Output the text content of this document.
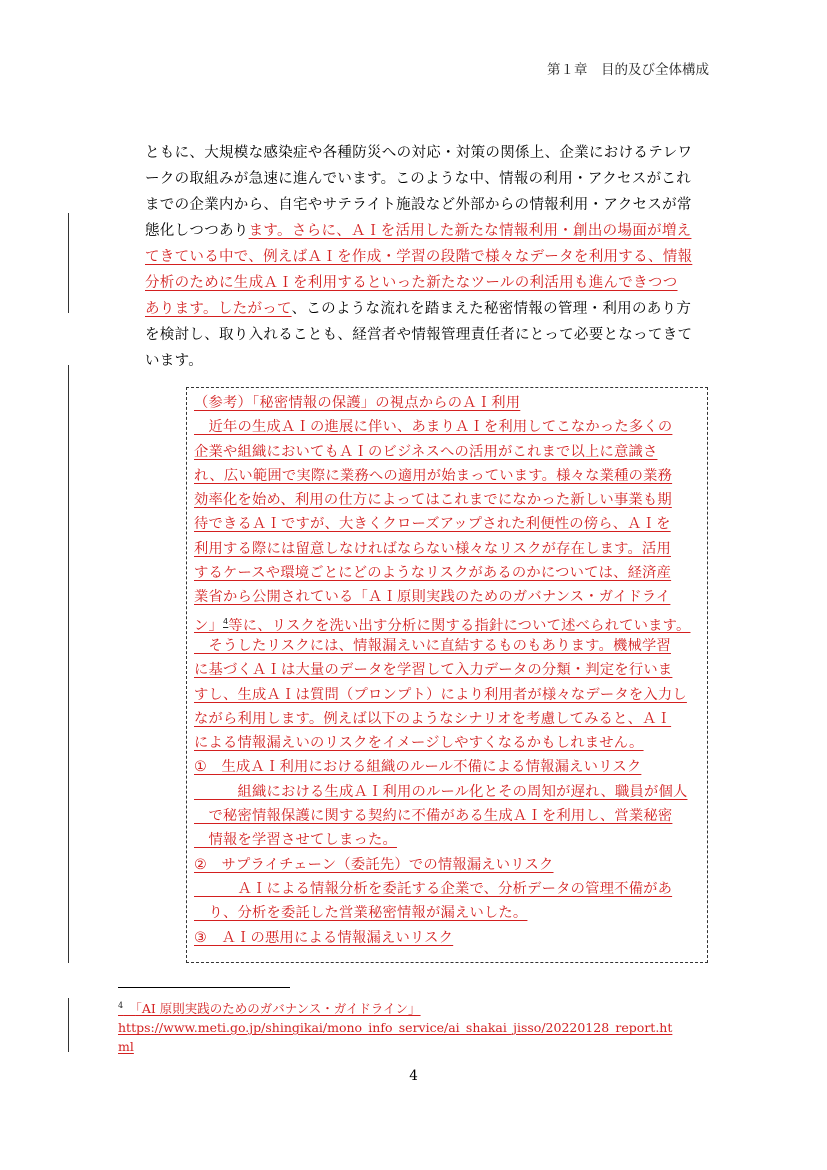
第１章　目的及び全体構成
ともに、大規模な感染症や各種防災への対応・対策の関係上、企業におけるテレワ
ークの取組みが急速に進んでいます。このような中、情報の利用・アクセスがこれ
までの企業内から、自宅やサテライト施設など外部からの情報利用・アクセスが常
態化しつつあります。さらに、ＡＩを活用した新たな情報利用・創出の場面が増え
てきている中で、例えばＡＩを作成・学習の段階で様々なデータを利用する、情報
分析のために生成ＡＩを利用するといった新たなツールの利活用も進んできつつ
あります。したがって、このような流れを踏まえた秘密情報の管理・利用のあり方
を検討し、取り入れることも、経営者や情報管理責任者にとって必要となってきて
います。
（参考）「秘密情報の保護」の視点からのＡＩ利用
　近年の生成ＡＩの進展に伴い、あまりＡＩを利用してこなかった多くの
企業や組織においてもＡＩのビジネスへの活用がこれまで以上に意識さ
れ、広い範囲で実際に業務への適用が始まっています。様々な業種の業務
効率化を始め、利用の仕方によってはこれまでになかった新しい事業も期
待できるＡＩですが、大きくクローズアップされた利便性の傍ら、ＡＩを
利用する際には留意しなければならない様々なリスクが存在します。活用
するケースや環境ごとにどのようなリスクがあるのかについては、経済産
業省から公開されている「ＡＩ原則実践のためのガバナンス・ガイドライ
ン」$^4$等に、リスクを洗い出す分析に関する指針について述べられています。
　そうしたリスクには、情報漏えいに直結するものもあります。機械学習
に基づくＡＩは大量のデータを学習して入力データの分類・判定を行いま
すし、生成ＡＩは質問（プロンプト）により利用者が様々なデータを入力し
ながら利用します。例えば以下のようなシナリオを考慮してみると、ＡＩ
による情報漏えいのリスクをイメージしやすくなるかもしれません。
①　生成ＡＩ利用における組織のルール不備による情報漏えいリスク
　　　組織における生成ＡＩ利用のルール化とその周知が遅れ、職員が個人
　で秘密情報保護に関する契約に不備がある生成ＡＩを利用し、営業秘密
　情報を学習させてしまった。
②　サプライチェーン（委託先）での情報漏えいリスク
　　　ＡＩによる情報分析を委託する企業で、分析データの管理不備があ
　り、分析を委託した営業秘密情報が漏えいした。
③　ＡＩの悪用による情報漏えいリスク
$^4$　 「AI 原則実践のためのガバナンス・ガイドライン」
https://www.meti.go.jp/shingikai/mono_info_service/ai_shakai_jisso/20220128_report.ht
ml
4
